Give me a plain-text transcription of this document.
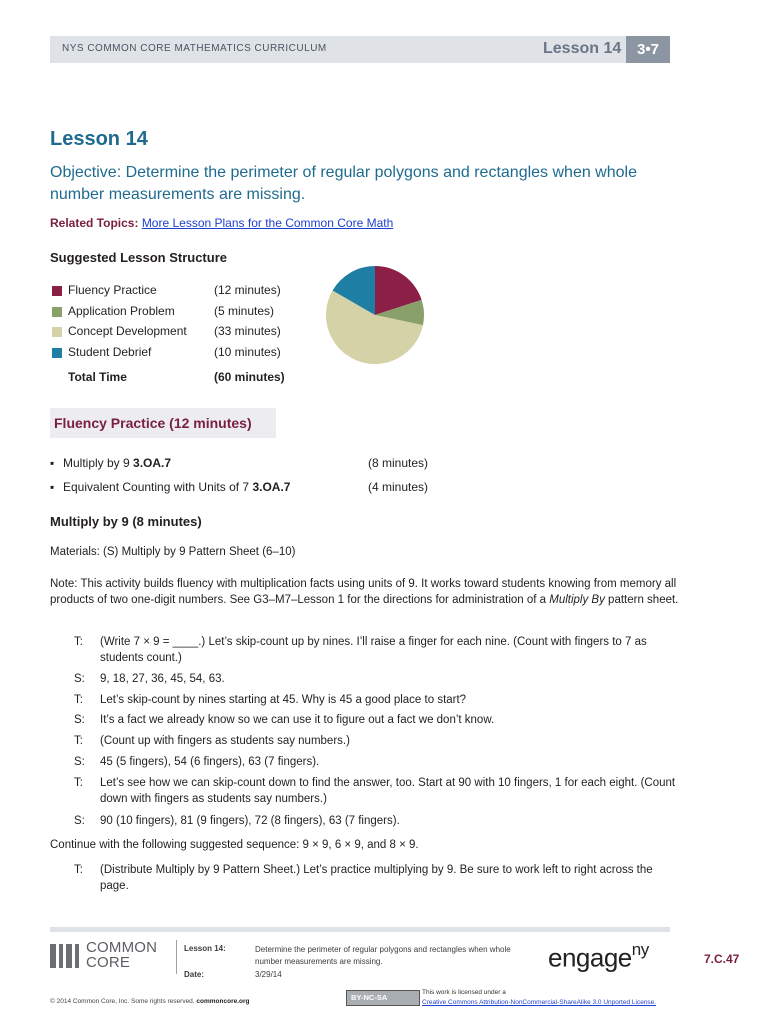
NYS COMMON CORE MATHEMATICS CURRICULUM	Lesson 14	3•7
Lesson 14
Objective: Determine the perimeter of regular polygons and rectangles when whole number measurements are missing.
Related Topics: More Lesson Plans for the Common Core Math
Suggested Lesson Structure
Fluency Practice	(12 minutes)
Application Problem	(5 minutes)
Concept Development (33 minutes)
Student Debrief	(10 minutes)
Total Time	(60 minutes)
Fluency Practice (12 minutes)
▪ Multiply by 9 3.OA.7	(8 minutes)
▪ Equivalent Counting with Units of 7 3.OA.7	(4 minutes)
Multiply by 9 (8 minutes)
Materials: (S) Multiply by 9 Pattern Sheet (6–10)
Note: This activity builds fluency with multiplication facts using units of 9. It works toward students knowing from memory all products of two one-digit numbers. See G3–M7–Lesson 1 for the directions for administration of a Multiply By pattern sheet.
T: (Write 7 × 9 = ____.) Let’s skip-count up by nines. I’ll raise a finger for each nine. (Count with fingers to 7 as students count.)
S: 9, 18, 27, 36, 45, 54, 63.
T: Let’s skip-count by nines starting at 45. Why is 45 a good place to start?
S: It’s a fact we already know so we can use it to figure out a fact we don’t know.
T: (Count up with fingers as students say numbers.)
S: 45 (5 fingers), 54 (6 fingers), 63 (7 fingers).
T: Let’s see how we can skip-count down to find the answer, too. Start at 90 with 10 fingers, 1 for each eight. (Count down with fingers as students say numbers.)
S: 90 (10 fingers), 81 (9 fingers), 72 (8 fingers), 63 (7 fingers).
Continue with the following suggested sequence: 9 × 9, 6 × 9, and 8 × 9.
T: (Distribute Multiply by 9 Pattern Sheet.) Let’s practice multiplying by 9. Be sure to work left to right across the page.
COMMON
CORE
Lesson 14:
Date:
Determine the perimeter of regular polygons and rectangles when whole number measurements are missing.
3/29/14
engage$^{ny}$	7.C.47
BY-NC-SA
This work is licensed under a
Creative Commons Attribution-NonCommercial-ShareAlike 3.0 Unported License.
© 2014 Common Core, Inc. Some rights reserved. commoncore.org
